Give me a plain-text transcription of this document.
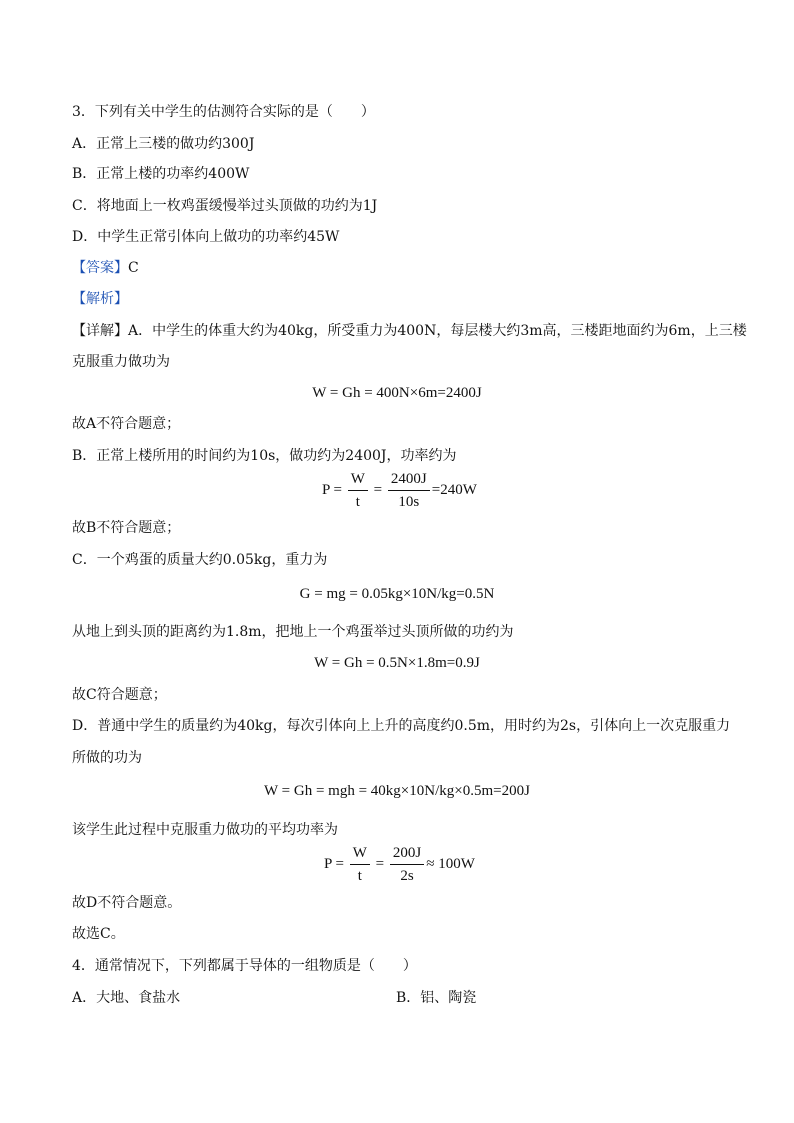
3．下列有关中学生的估测符合实际的是（　　）
A．正常上三楼的做功约300J
B．正常上楼的功率约400W
C．将地面上一枚鸡蛋缓慢举过头顶做的功约为1J
D．中学生正常引体向上做功的功率约45W
【答案】C
【解析】
【详解】A．中学生的体重大约为40kg，所受重力为400N，每层楼大约3m高，三楼距地面约为6m，上三楼
克服重力做功为
W = Gh = 400N×6m=2400J
故A不符合题意；
B．正常上楼所用的时间约为10s，做功约为2400J，功率约为
$P = \frac{W}{t} = \frac{2400J}{10s} =240W$
故B不符合题意；
C．一个鸡蛋的质量大约0.05kg，重力为
G = mg = 0.05kg×10N/kg=0.5N
从地上到头顶的距离约为1.8m，把地上一个鸡蛋举过头顶所做的功约为
W = Gh = 0.5N×1.8m=0.9J
故C符合题意；
D．普通中学生的质量约为40kg，每次引体向上上升的高度约0.5m，用时约为2s，引体向上一次克服重力
所做的功为
W = Gh = mgh = 40kg×10N/kg×0.5m=200J
该学生此过程中克服重力做功的平均功率为
$P = \frac{W}{t} = \frac{200J}{2s} \approx 100W$
故D不符合题意。
故选C。
4．通常情况下，下列都属于导体的一组物质是（　　）
A．大地、食盐水	B．铝、陶瓷
